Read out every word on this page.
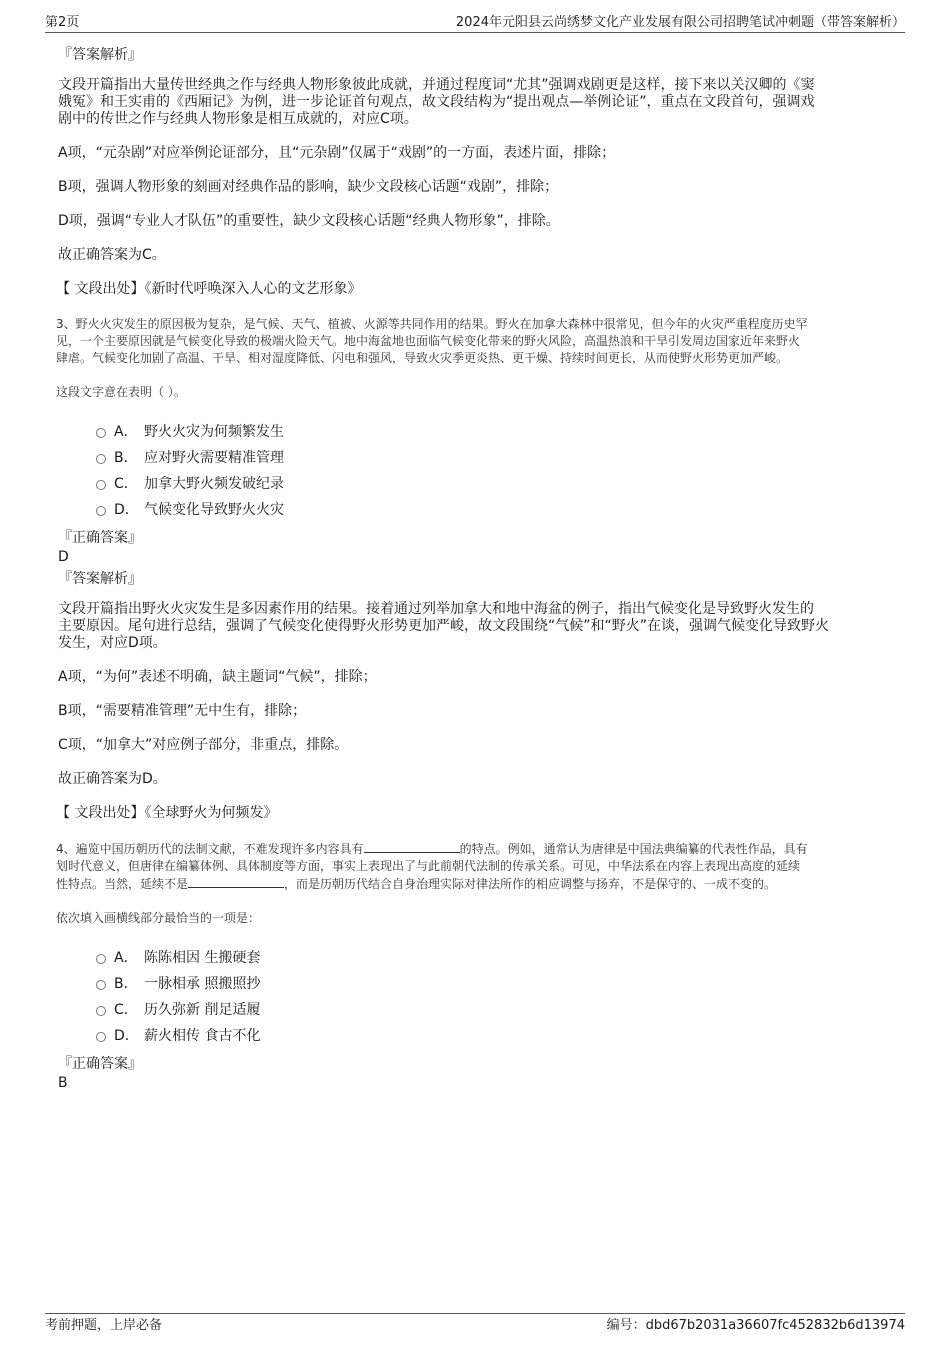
第2页	2024年元阳县云尚绣梦文化产业发展有限公司招聘笔试冲刺题（带答案解析）
『答案解析』
文段开篇指出大量传世经典之作与经典人物形象彼此成就，并通过程度词“尤其”强调戏剧更是这样，接下来以关汉卿的《窦
娥冤》和王实甫的《西厢记》为例，进一步论证首句观点，故文段结构为“提出观点—举例论证”，重点在文段首句，强调戏
剧中的传世之作与经典人物形象是相互成就的，对应C项。
A项，“元杂剧”对应举例论证部分，且“元杂剧”仅属于“戏剧”的一方面，表述片面，排除；
B项，强调人物形象的刻画对经典作品的影响，缺少文段核心话题“戏剧”，排除；
D项，强调“专业人才队伍”的重要性，缺少文段核心话题“经典人物形象”，排除。
故正确答案为C。
【 文段出处】《新时代呼唤深入人心的文艺形象》
3、野火火灾发生的原因极为复杂，是气候、天气、植被、火源等共同作用的结果。野火在加拿大森林中很常见，但今年的火灾严重程度历史罕
见，一个主要原因就是气候变化导致的极端火险天气。地中海盆地也面临气候变化带来的野火风险，高温热浪和干旱引发周边国家近年来野火
肆虐。气候变化加剧了高温、干旱、相对湿度降低、闪电和强风，导致火灾季更炎热、更干燥、持续时间更长，从而使野火形势更加严峻。
这段文字意在表明（ ）。
A． 野火火灾为何频繁发生
B． 应对野火需要精准管理
C． 加拿大野火频发破纪录
D． 气候变化导致野火火灾
『正确答案』
D
『答案解析』
文段开篇指出野火火灾发生是多因素作用的结果。接着通过列举加拿大和地中海盆的例子，指出气候变化是导致野火发生的
主要原因。尾句进行总结，强调了气候变化使得野火形势更加严峻，故文段围绕“气候”和“野火”在谈，强调气候变化导致野火
发生，对应D项。
A项，“为何”表述不明确，缺主题词“气候”，排除；
B项，“需要精准管理”无中生有，排除；
C项，“加拿大”对应例子部分，非重点，排除。
故正确答案为D。
【 文段出处】《全球野火为何频发》
4、遍览中国历朝历代的法制文献，不难发现许多内容具有	的特点。例如，通常认为唐律是中国法典编纂的代表性作品，具有
划时代意义，但唐律在编纂体例、具体制度等方面，事实上表现出了与此前朝代法制的传承关系。可见，中华法系在内容上表现出高度的延续
性特点。当然，延续不是	，而是历朝历代结合自身治理实际对律法所作的相应调整与扬弃，不是保守的、一成不变的。
依次填入画横线部分最恰当的一项是：
A． 陈陈相因 生搬硬套
B． 一脉相承 照搬照抄
C． 历久弥新 削足适履
D． 薪火相传 食古不化
『正确答案』
B
考前押题，上岸必备	编号：dbd67b2031a36607fc452832b6d13974
